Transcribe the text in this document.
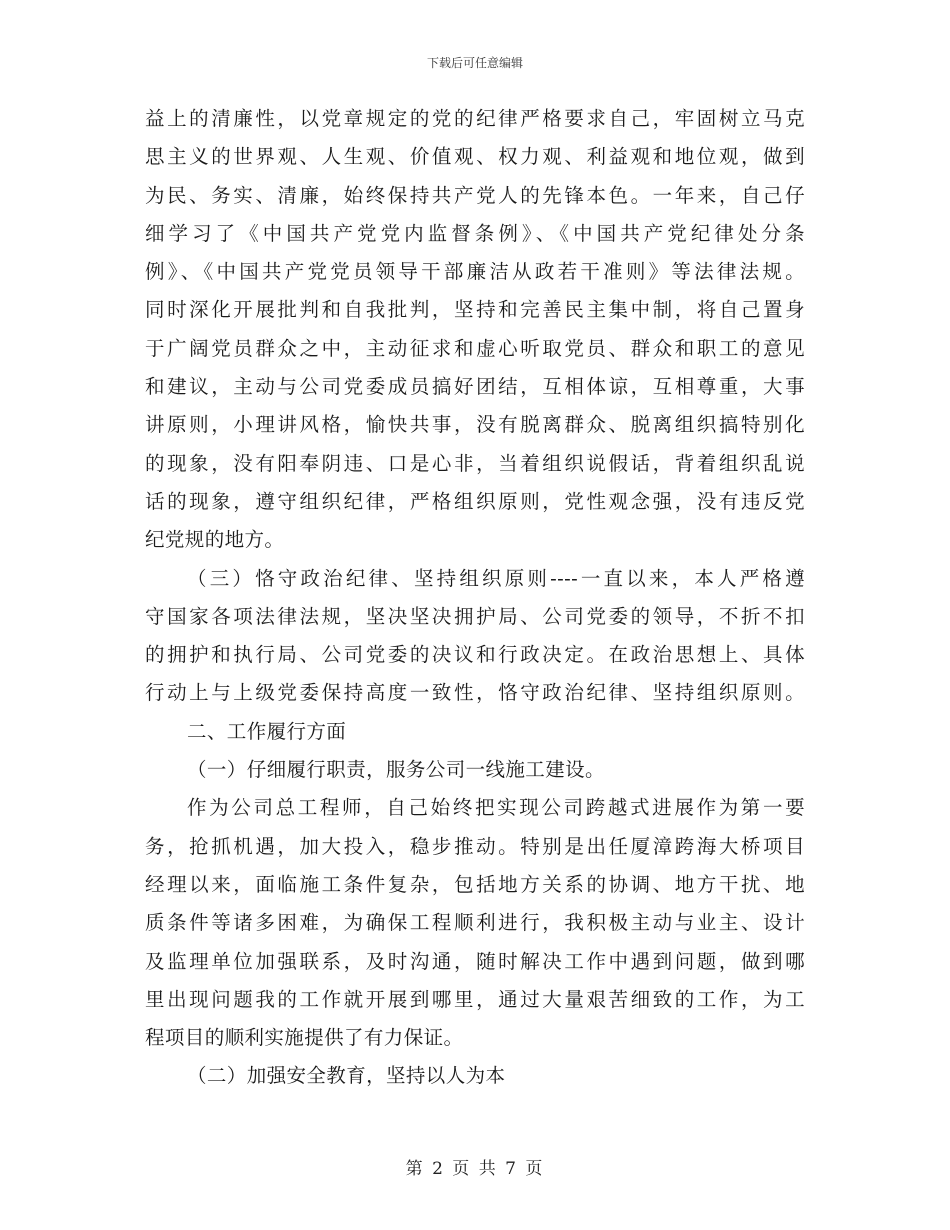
下载后可任意编辑
益上的清廉性，以党章规定的党的纪律严格要求自己，牢固树立马克
思主义的世界观、人生观、价值观、权力观、利益观和地位观，做到
为民、务实、清廉，始终保持共产党人的先锋本色。一年来，自己仔
细学习了《中国共产党党内监督条例》、《中国共产党纪律处分条
例》、《中国共产党党员领导干部廉洁从政若干准则》等法律法规。
同时深化开展批判和自我批判，坚持和完善民主集中制，将自己置身
于广阔党员群众之中，主动征求和虚心听取党员、群众和职工的意见
和建议，主动与公司党委成员搞好团结，互相体谅，互相尊重，大事
讲原则，小理讲风格，愉快共事，没有脱离群众、脱离组织搞特别化
的现象，没有阳奉阴违、口是心非，当着组织说假话，背着组织乱说
话的现象，遵守组织纪律，严格组织原则，党性观念强，没有违反党
纪党规的地方。
（三）恪守政治纪律、坚持组织原则----一直以来，本人严格遵
守国家各项法律法规，坚决坚决拥护局、公司党委的领导，不折不扣
的拥护和执行局、公司党委的决议和行政决定。在政治思想上、具体
行动上与上级党委保持高度一致性，恪守政治纪律、坚持组织原则。
二、工作履行方面
（一）仔细履行职责，服务公司一线施工建设。
作为公司总工程师，自己始终把实现公司跨越式进展作为第一要
务，抢抓机遇，加大投入，稳步推动。特别是出任厦漳跨海大桥项目
经理以来，面临施工条件复杂，包括地方关系的协调、地方干扰、地
质条件等诸多困难，为确保工程顺利进行，我积极主动与业主、设计
及监理单位加强联系，及时沟通，随时解决工作中遇到问题，做到哪
里出现问题我的工作就开展到哪里，通过大量艰苦细致的工作，为工
程项目的顺利实施提供了有力保证。
（二）加强安全教育，坚持以人为本
第 2 页 共 7 页
